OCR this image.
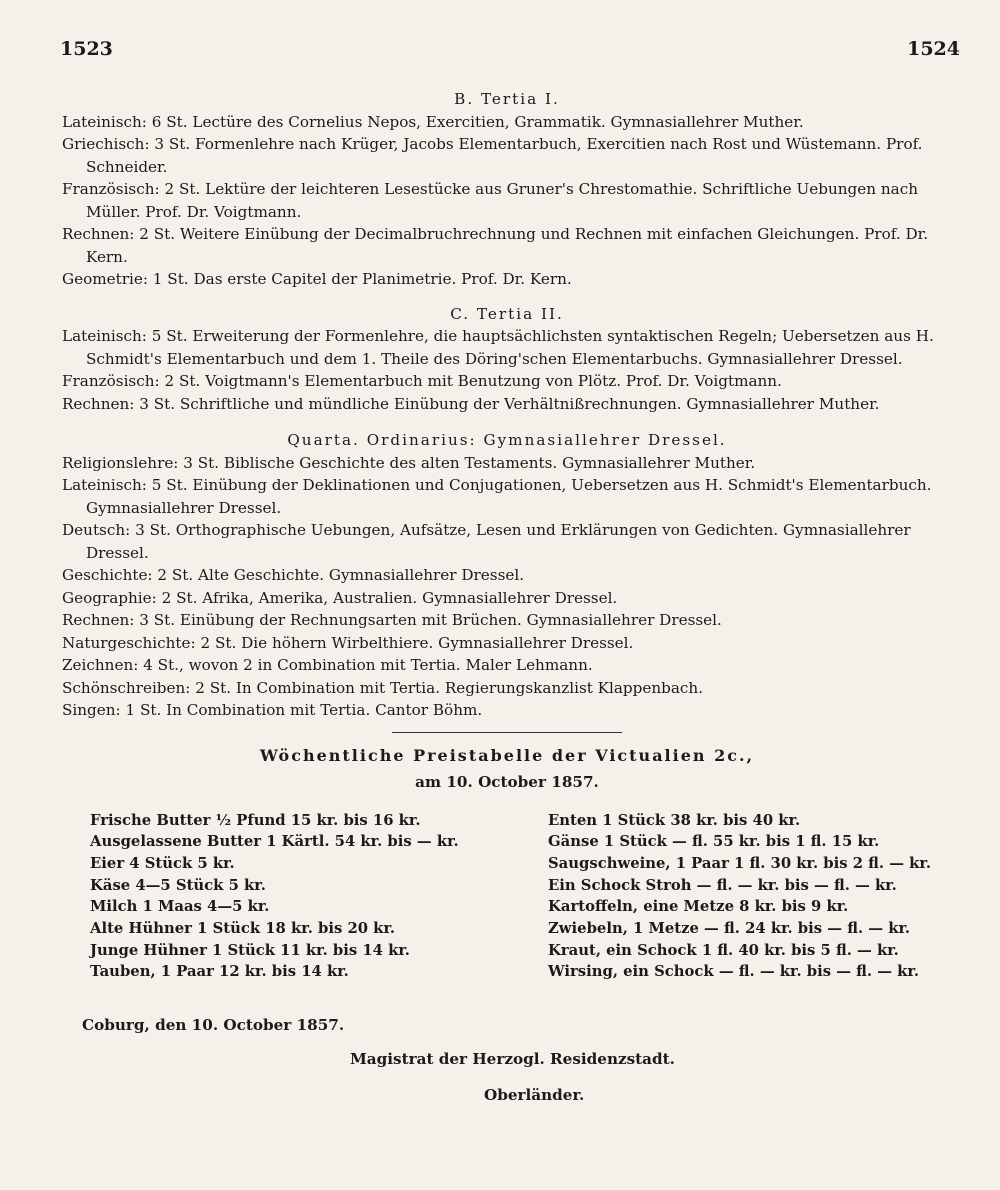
1523	1524
B. Tertia I.

Lateinisch: 6 St. Lectüre des Cornelius Nepos, Exercitien, Grammatik. Gymnasiallehrer Muther.

Griechisch: 3 St. Formenlehre nach Krüger, Jacobs Elementarbuch, Exercitien nach Rost und Wüstemann. Prof. Schneider.

Französisch: 2 St. Lektüre der leichteren Lesestücke aus Gruner's Chrestomathie. Schriftliche Uebungen nach Müller. Prof. Dr. Voigtmann.

Rechnen: 2 St. Weitere Einübung der Decimalbruchrechnung und Rechnen mit einfachen Gleichungen. Prof. Dr. Kern.

Geometrie: 1 St. Das erste Capitel der Planimetrie. Prof. Dr. Kern.

C. Tertia II.

Lateinisch: 5 St. Erweiterung der Formenlehre, die hauptsächlichsten syntaktischen Regeln; Uebersetzen aus H. Schmidt's Elementarbuch und dem 1. Theile des Döring'schen Elementarbuchs. Gymnasiallehrer Dressel.

Französisch: 2 St. Voigtmann's Elementarbuch mit Benutzung von Plötz. Prof. Dr. Voigtmann.

Rechnen: 3 St. Schriftliche und mündliche Einübung der Verhältnißrechnungen. Gymnasiallehrer Muther.

Quarta. Ordinarius: Gymnasiallehrer Dressel.

Religionslehre: 3 St. Biblische Geschichte des alten Testaments. Gymnasiallehrer Muther.

Lateinisch: 5 St. Einübung der Deklinationen und Conjugationen, Uebersetzen aus H. Schmidt's Elementarbuch. Gymnasiallehrer Dressel.

Deutsch: 3 St. Orthographische Uebungen, Aufsätze, Lesen und Erklärungen von Gedichten. Gymnasiallehrer Dressel.

Geschichte: 2 St. Alte Geschichte. Gymnasiallehrer Dressel.

Geographie: 2 St. Afrika, Amerika, Australien. Gymnasiallehrer Dressel.

Rechnen: 3 St. Einübung der Rechnungsarten mit Brüchen. Gymnasiallehrer Dressel.

Naturgeschichte: 2 St. Die höhern Wirbelthiere. Gymnasiallehrer Dressel.

Zeichnen: 4 St., wovon 2 in Combination mit Tertia. Maler Lehmann.

Schönschreiben: 2 St. In Combination mit Tertia. Regierungskanzlist Klappenbach.

Singen: 1 St. In Combination mit Tertia. Cantor Böhm.

Wöchentliche Preistabelle der Victualien 2c.,
am 10. October 1857.
Frische Butter ½ Pfund 15 kr. bis 16 kr.
Ausgelassene Butter 1 Kärtl. 54 kr. bis — kr.
Eier 4 Stück 5 kr.
Käse 4—5 Stück 5 kr.
Milch 1 Maas 4—5 kr.
Alte Hühner 1 Stück 18 kr. bis 20 kr.
Junge Hühner 1 Stück 11 kr. bis 14 kr.
Tauben, 1 Paar 12 kr. bis 14 kr.
Enten 1 Stück 38 kr. bis 40 kr.
Gänse 1 Stück — fl. 55 kr. bis 1 fl. 15 kr.
Saugschweine, 1 Paar 1 fl. 30 kr. bis 2 fl. — kr.
Ein Schock Stroh — fl. — kr. bis — fl. — kr.
Kartoffeln, eine Metze 8 kr. bis 9 kr.
Zwiebeln, 1 Metze — fl. 24 kr. bis — fl. — kr.
Kraut, ein Schock 1 fl. 40 kr. bis 5 fl. — kr.
Wirsing, ein Schock — fl. — kr. bis — fl. — kr.
Coburg, den 10. October 1857.
Magistrat der Herzogl. Residenzstadt.
Oberländer.
